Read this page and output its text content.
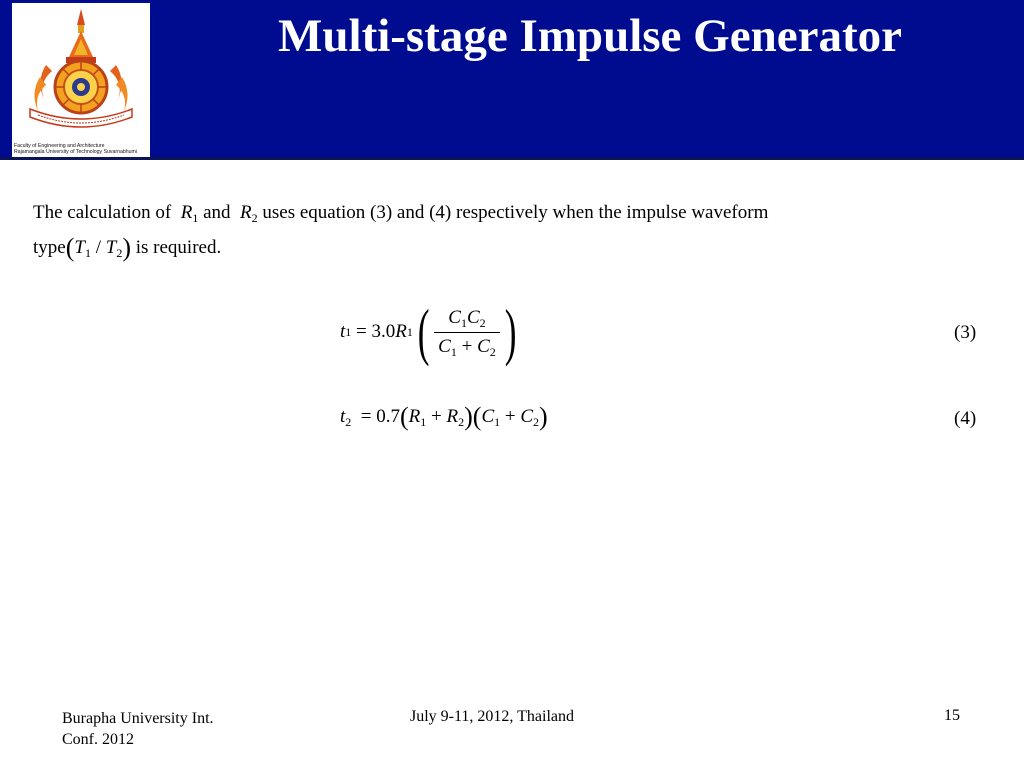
Faculty of Engineering and Architecture
Rajamangala University of Technology Suvarnabhumi
Multi-stage Impulse Generator
The calculation of $R_1$ and $R_2$ uses equation (3) and (4) respectively when the impulse waveform
$type(T_1 / T_2)$ is required.
t 1 = 3.0 R 1 ( $\frac{C_1C_2}{C_1 + C_2}$ )	(3)
$t_2 = 0.7(R_1 + R_2)(C_1 + C_2)$	(4)
Burapha University Int.
Conf. 2012
July 9-11, 2012, Thailand	15
